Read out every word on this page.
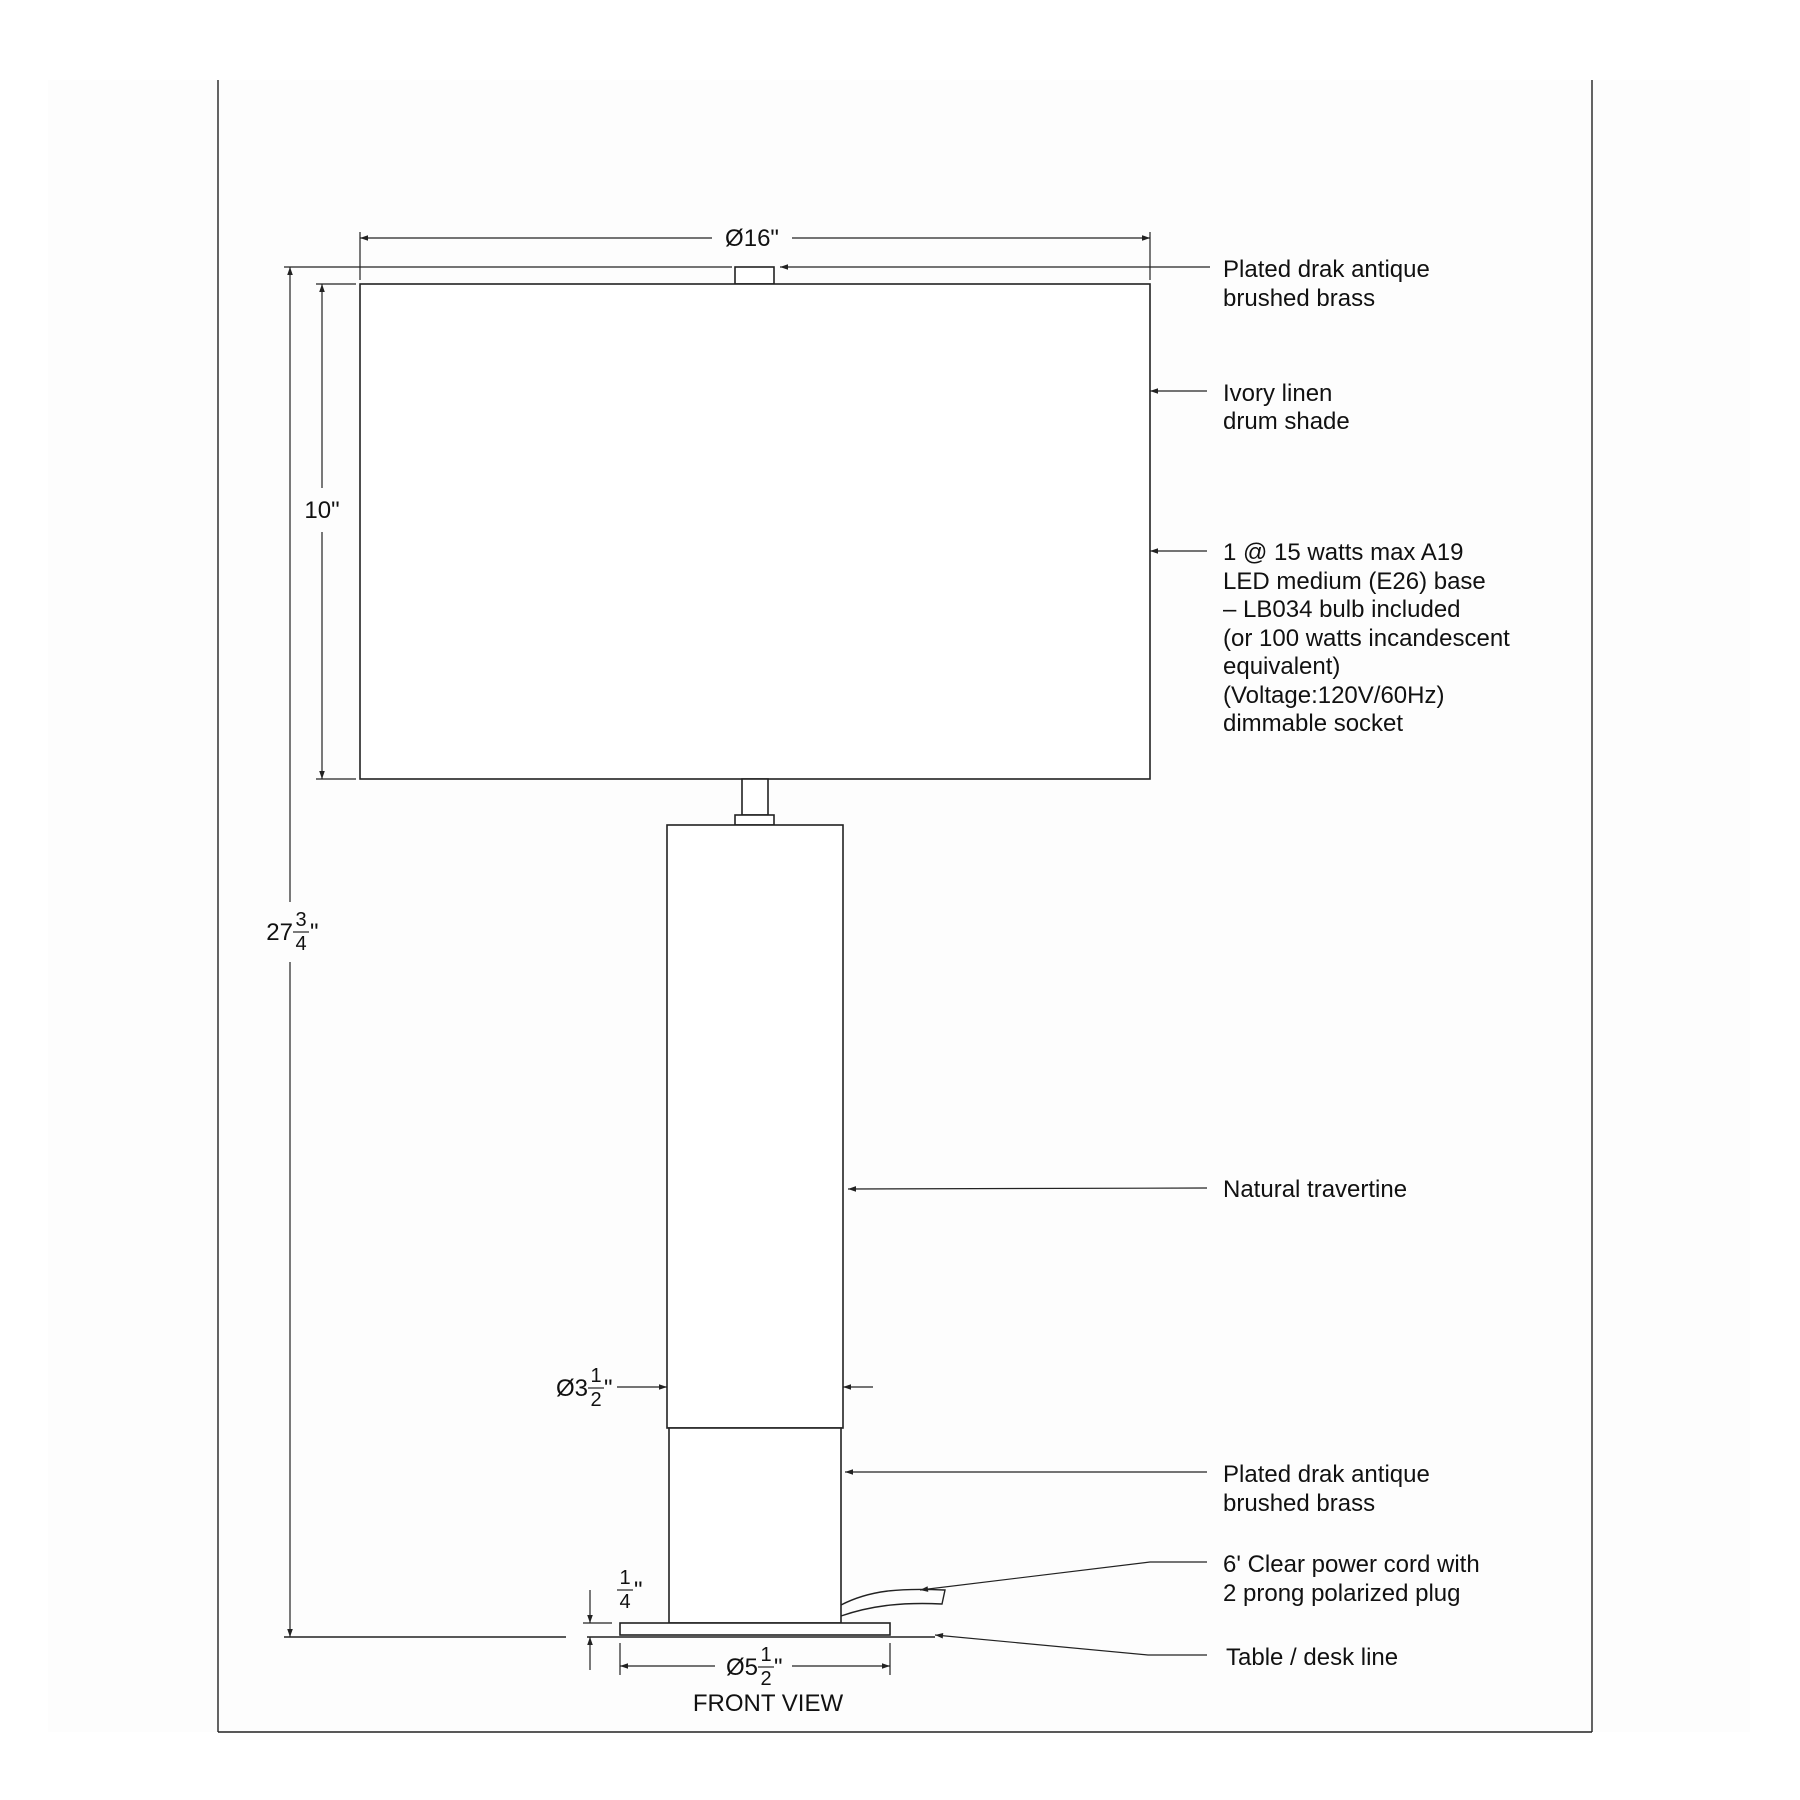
Ø16"
10"
27 3
4 "
Ø3 1
2 "
1
4 "
Ø5 1
2 "
Plated drak antique brushed brass
Ivory linen drum shade
1 @ 15 watts max A19 LED medium (E26) base – LB034 bulb included (or 100 watts incandescent equivalent) (Voltage:120V/60Hz) dimmable socket
Natural travertine
Plated drak antique brushed brass
6' Clear power cord with 2 prong polarized plug
Table / desk line
FRONT VIEW
